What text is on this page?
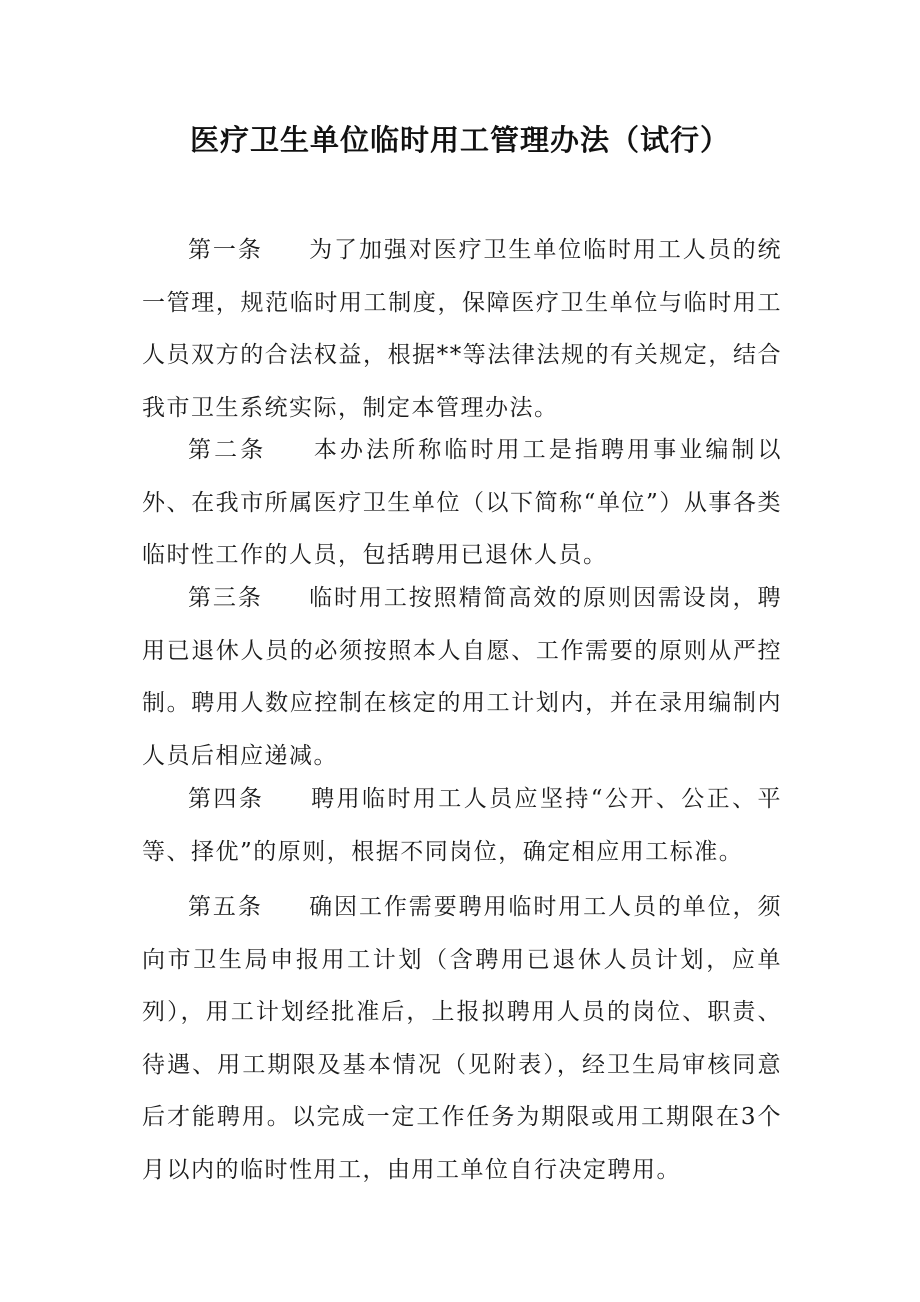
医疗卫生单位临时用工管理办法（试行）

第一条 为了加强对医疗卫生单位临时用工人员的统一管理，规范临时用工制度，保障医疗卫生单位与临时用工人员双方的合法权益，根据**等法律法规的有关规定，结合我市卫生系统实际，制定本管理办法。

第二条 本办法所称临时用工是指聘用事业编制以外、在我市所属医疗卫生单位（以下简称“单位”）从事各类临时性工作的人员，包括聘用已退休人员。

第三条 临时用工按照精简高效的原则因需设岗，聘用已退休人员的必须按照本人自愿、工作需要的原则从严控制。聘用人数应控制在核定的用工计划内，并在录用编制内人员后相应递减。

第四条 聘用临时用工人员应坚持“公开、公正、平等、择优”的原则，根据不同岗位，确定相应用工标准。

第五条 确因工作需要聘用临时用工人员的单位，须向市卫生局申报用工计划（含聘用已退休人员计划，应单列），用工计划经批准后，上报拟聘用人员的岗位、职责、待遇、用工期限及基本情况（见附表），经卫生局审核同意后才能聘用。以完成一定工作任务为期限或用工期限在3个月以内的临时性用工，由用工单位自行决定聘用。
